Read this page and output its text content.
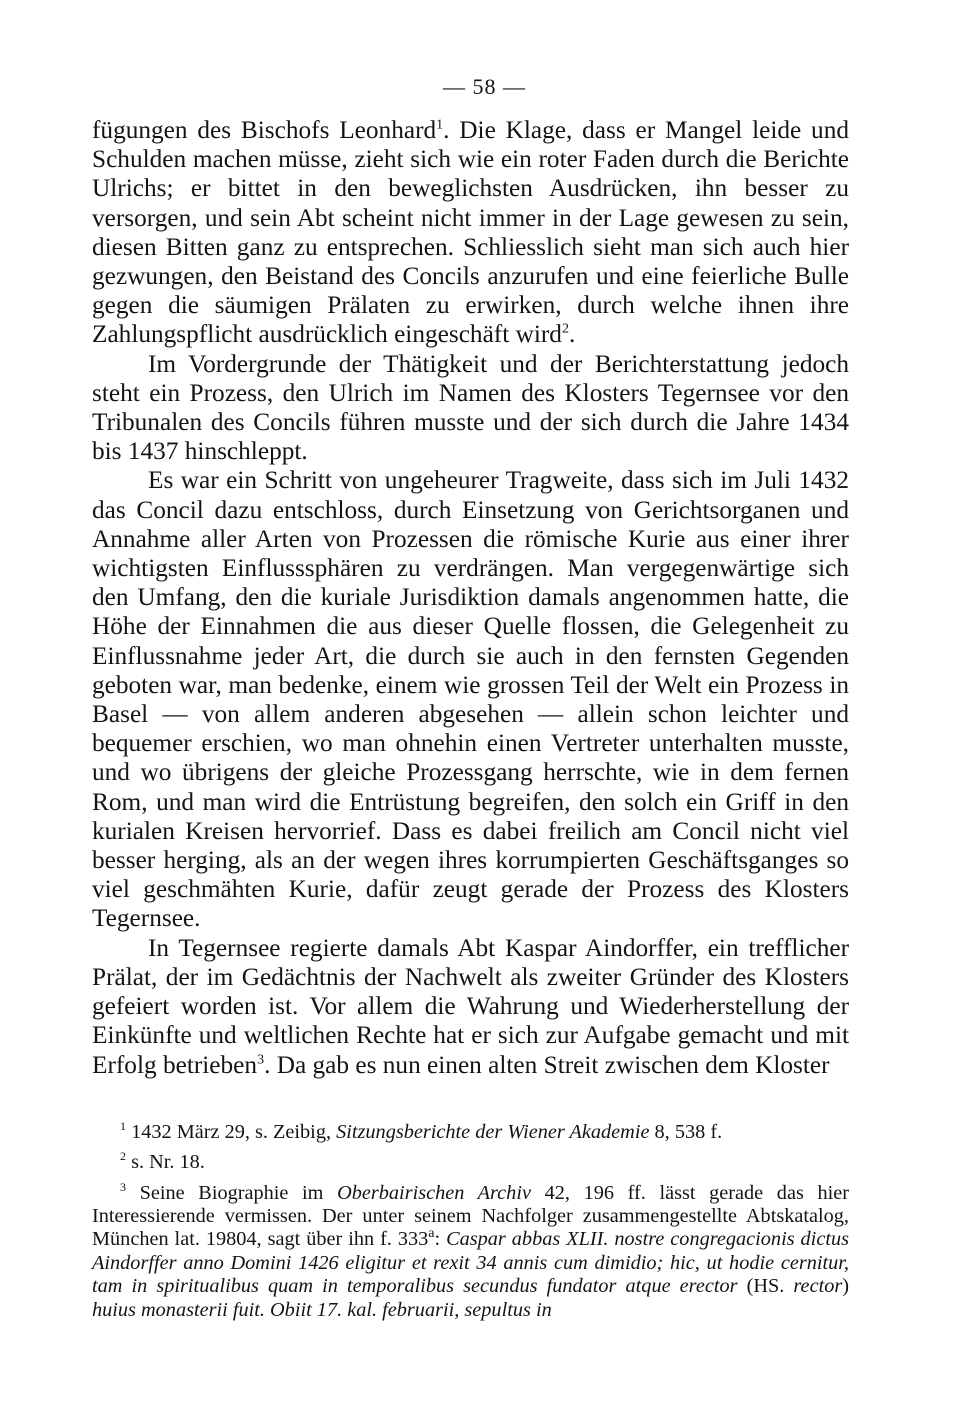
— 58 —

fügungen des Bischofs Leonhard$^1$. Die Klage, dass er Mangel leide und Schulden machen müsse, zieht sich wie ein roter Faden durch die Berichte Ulrichs; er bittet in den beweglichsten Ausdrücken, ihn besser zu versorgen, und sein Abt scheint nicht immer in der Lage gewesen zu sein, diesen Bitten ganz zu entsprechen. Schliesslich sieht man sich auch hier gezwungen, den Beistand des Concils anzurufen und eine feierliche Bulle gegen die säumigen Prälaten zu erwirken, durch welche ihnen ihre Zahlungspflicht ausdrücklich eingeschäft wird$^2$.

Im Vordergrunde der Thätigkeit und der Berichterstattung jedoch steht ein Prozess, den Ulrich im Namen des Klosters Tegernsee vor den Tribunalen des Concils führen musste und der sich durch die Jahre 1434 bis 1437 hinschleppt.

Es war ein Schritt von ungeheurer Tragweite, dass sich im Juli 1432 das Concil dazu entschloss, durch Einsetzung von Gerichtsorganen und Annahme aller Arten von Prozessen die römische Kurie aus einer ihrer wichtigsten Einflusssphären zu verdrängen. Man vergegenwärtige sich den Umfang, den die kuriale Jurisdiktion damals angenommen hatte, die Höhe der Einnahmen die aus dieser Quelle flossen, die Gelegenheit zu Einflussnahme jeder Art, die durch sie auch in den fernsten Gegenden geboten war, man bedenke, einem wie grossen Teil der Welt ein Prozess in Basel — von allem anderen abgesehen — allein schon leichter und bequemer erschien, wo man ohnehin einen Vertreter unterhalten musste, und wo übrigens der gleiche Prozessgang herrschte, wie in dem fernen Rom, und man wird die Entrüstung begreifen, den solch ein Griff in den kurialen Kreisen hervorrief. Dass es dabei freilich am Concil nicht viel besser herging, als an der wegen ihres korrumpierten Geschäftsganges so viel geschmähten Kurie, dafür zeugt gerade der Prozess des Klosters Tegernsee.

In Tegernsee regierte damals Abt Kaspar Aindorffer, ein trefflicher Prälat, der im Gedächtnis der Nachwelt als zweiter Gründer des Klosters gefeiert worden ist. Vor allem die Wahrung und Wiederherstellung der Einkünfte und weltlichen Rechte hat er sich zur Aufgabe gemacht und mit Erfolg betrieben$^3$. Da gab es nun einen alten Streit zwischen dem Kloster

$^1$ 1432 März 29, s. Zeibig, Sitzungsberichte der Wiener Akademie 8, 538 f.

$^2$ s. Nr. 18.

$^3$ Seine Biographie im Oberbairischen Archiv 42, 196 ff. lässt gerade das hier Interessierende vermissen. Der unter seinem Nachfolger zusammengestellte Abtskatalog, München lat. 19804, sagt über ihn f. 333$^a$: Caspar abbas XLII. nostre congregacionis dictus Aindorffer anno Domini 1426 eligitur et rexit 34 annis cum dimidio; hic, ut hodie cernitur, tam in spiritualibus quam in temporalibus secundus fundator atque erector (HS. rector) huius monasterii fuit. Obiit 17. kal. februarii, sepultus in
